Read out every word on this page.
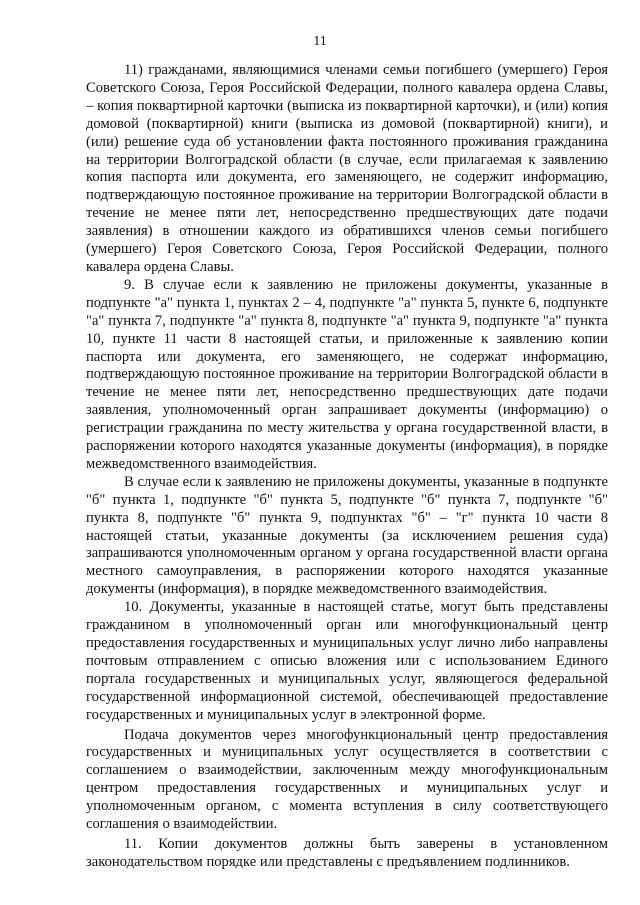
11

11) гражданами, являющимися членами семьи погибшего (умершего) Героя Советского Союза, Героя Российской Федерации, полного кавалера ордена Славы, – копия поквартирной карточки (выписка из поквартирной карточки), и (или) копия домовой (поквартирной) книги (выписка из домовой (поквартирной) книги), и (или) решение суда об установлении факта постоянного проживания гражданина на территории Волгоградской области (в случае, если прилагаемая к заявлению копия паспорта или документа, его заменяющего, не содержит информацию, подтверждающую постоянное проживание на территории Волгоградской области в течение не менее пяти лет, непосредственно предшествующих дате подачи заявления) в отношении каждого из обратившихся членов семьи погибшего (умершего) Героя Советского Союза, Героя Российской Федерации, полного кавалера ордена Славы.

9. В случае если к заявлению не приложены документы, указанные в подпункте "а" пункта 1, пунктах 2 – 4, подпункте "а" пункта 5, пункте 6, подпункте "а" пункта 7, подпункте "а" пункта 8, подпункте "а" пункта 9, подпункте "а" пункта 10, пункте 11 части 8 настоящей статьи, и приложенные к заявлению копии паспорта или документа, его заменяющего, не содержат информацию, подтверждающую постоянное проживание на территории Волгоградской области в течение не менее пяти лет, непосредственно предшествующих дате подачи заявления, уполномоченный орган запрашивает документы (информацию) о регистрации гражданина по месту жительства у органа государственной власти, в распоряжении которого находятся указанные документы (информация), в порядке межведомственного взаимодействия.

В случае если к заявлению не приложены документы, указанные в подпункте "б" пункта 1, подпункте "б" пункта 5, подпункте "б" пункта 7, подпункте "б" пункта 8, подпункте "б" пункта 9, подпунктах "б" – "г" пункта 10 части 8 настоящей статьи, указанные документы (за исключением решения суда) запрашиваются уполномоченным органом у органа государственной власти органа местного самоуправления, в распоряжении которого находятся указанные документы (информация), в порядке межведомственного взаимодействия.

10. Документы, указанные в настоящей статье, могут быть представлены гражданином в уполномоченный орган или многофункциональный центр предоставления государственных и муниципальных услуг лично либо направлены почтовым отправлением с описью вложения или с использованием Единого портала государственных и муниципальных услуг, являющегося федеральной государственной информационной системой, обеспечивающей предоставление государственных и муниципальных услуг в электронной форме.

Подача документов через многофункциональный центр предоставления государственных и муниципальных услуг осуществляется в соответствии с соглашением о взаимодействии, заключенным между многофункциональным центром предоставления государственных и муниципальных услуг и уполномоченным органом, с момента вступления в силу соответствующего соглашения о взаимодействии.

11. Копии документов должны быть заверены в установленном законодательством порядке или представлены с предъявлением подлинников.
